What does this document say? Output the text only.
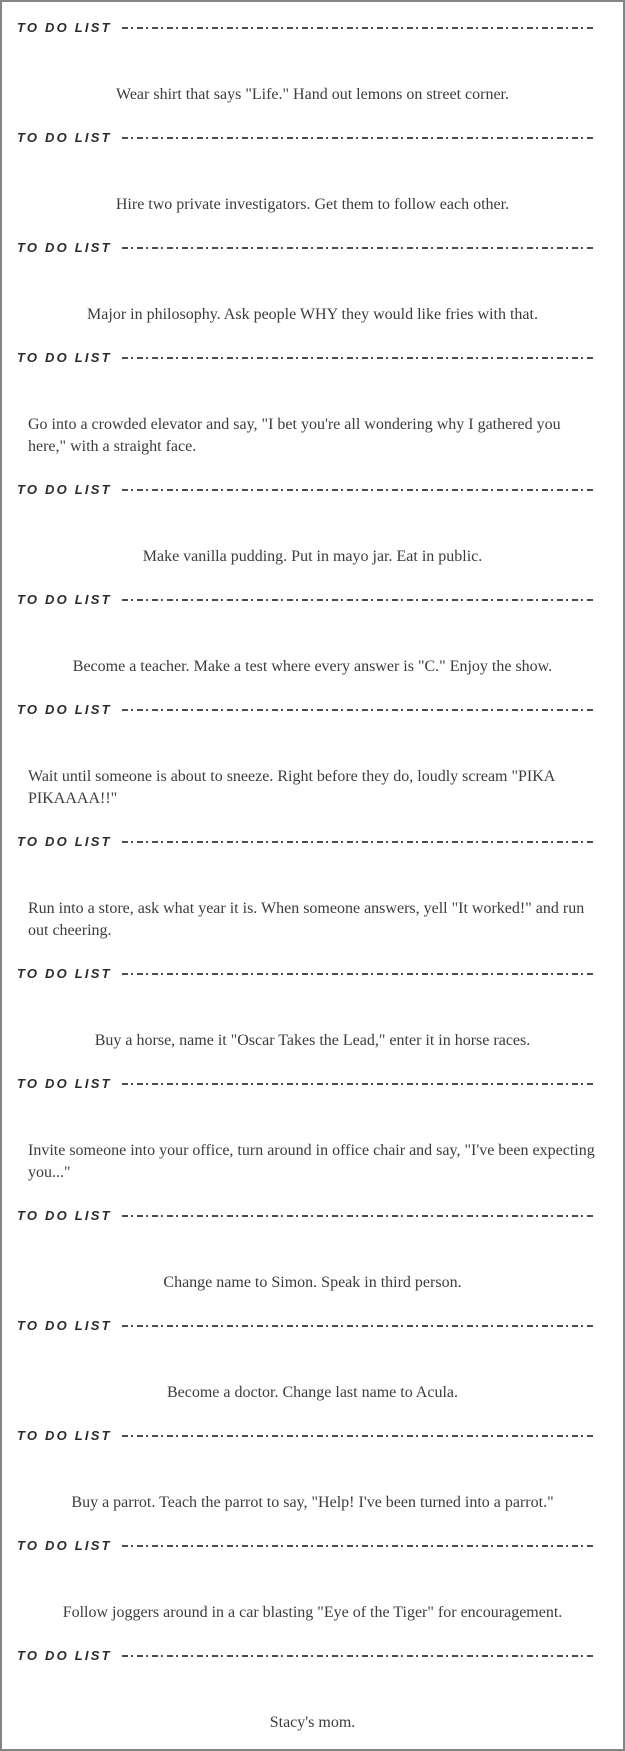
TO DO LIST

Wear shirt that says "Life." Hand out lemons on street corner.

TO DO LIST

Hire two private investigators. Get them to follow each other.

TO DO LIST

Major in philosophy. Ask people WHY they would like fries with that.

TO DO LIST

Go into a crowded elevator and say, "I bet you're all wondering why I gathered you here," with a straight face.

TO DO LIST

Make vanilla pudding. Put in mayo jar. Eat in public.

TO DO LIST

Become a teacher. Make a test where every answer is "C." Enjoy the show.

TO DO LIST

Wait until someone is about to sneeze. Right before they do, loudly scream "PIKA PIKAAAA!!"

TO DO LIST

Run into a store, ask what year it is. When someone answers, yell "It worked!" and run out cheering.

TO DO LIST

Buy a horse, name it "Oscar Takes the Lead," enter it in horse races.

TO DO LIST

Invite someone into your office, turn around in office chair and say, "I've been expecting you..."

TO DO LIST

Change name to Simon. Speak in third person.

TO DO LIST

Become a doctor. Change last name to Acula.

TO DO LIST

Buy a parrot. Teach the parrot to say, "Help! I've been turned into a parrot."

TO DO LIST

Follow joggers around in a car blasting "Eye of the Tiger" for encouragement.

TO DO LIST

Stacy's mom.
